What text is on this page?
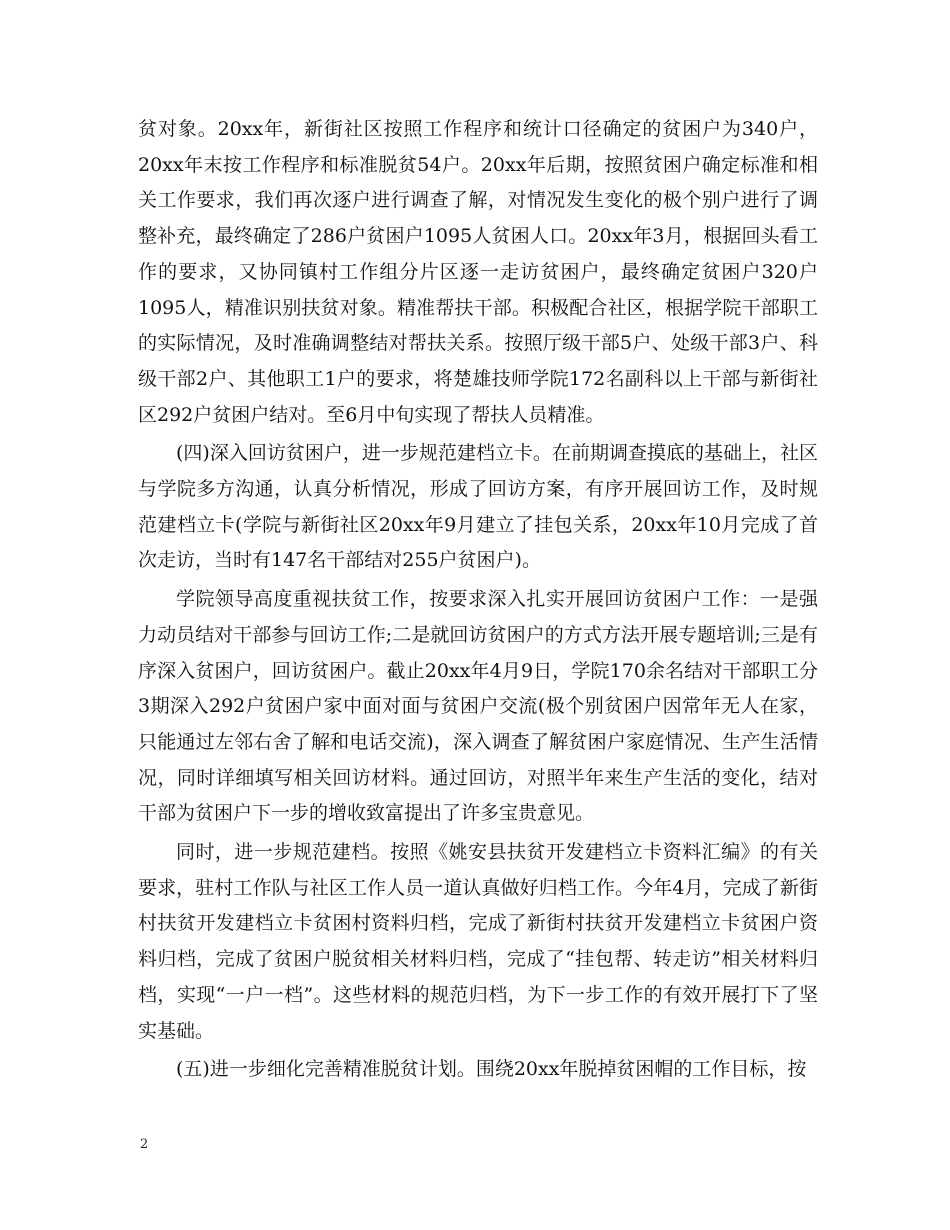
贫对象。20xx年，新街社区按照工作程序和统计口径确定的贫困户为340户，20xx年末按工作程序和标准脱贫54户。20xx年后期，按照贫困户确定标准和相关工作要求，我们再次逐户进行调查了解，对情况发生变化的极个别户进行了调整补充，最终确定了286户贫困户1095人贫困人口。20xx年3月，根据回头看工作的要求，又协同镇村工作组分片区逐一走访贫困户，最终确定贫困户320户1095人，精准识别扶贫对象。精准帮扶干部。积极配合社区，根据学院干部职工的实际情况，及时准确调整结对帮扶关系。按照厅级干部5户、处级干部3户、科级干部2户、其他职工1户的要求，将楚雄技师学院172名副科以上干部与新街社区292户贫困户结对。至6月中旬实现了帮扶人员精准。

(四)深入回访贫困户，进一步规范建档立卡。在前期调查摸底的基础上，社区与学院多方沟通，认真分析情况，形成了回访方案，有序开展回访工作，及时规范建档立卡(学院与新街社区20xx年9月建立了挂包关系，20xx年10月完成了首次走访，当时有147名干部结对255户贫困户)。

学院领导高度重视扶贫工作，按要求深入扎实开展回访贫困户工作：一是强力动员结对干部参与回访工作;二是就回访贫困户的方式方法开展专题培训;三是有序深入贫困户，回访贫困户。截止20xx年4月9日，学院170余名结对干部职工分3期深入292户贫困户家中面对面与贫困户交流(极个别贫困户因常年无人在家，只能通过左邻右舍了解和电话交流)，深入调查了解贫困户家庭情况、生产生活情况，同时详细填写相关回访材料。通过回访，对照半年来生产生活的变化，结对干部为贫困户下一步的增收致富提出了许多宝贵意见。

同时，进一步规范建档。按照《姚安县扶贫开发建档立卡资料汇编》的有关要求，驻村工作队与社区工作人员一道认真做好归档工作。今年4月，完成了新街村扶贫开发建档立卡贫困村资料归档，完成了新街村扶贫开发建档立卡贫困户资料归档，完成了贫困户脱贫相关材料归档，完成了“挂包帮、转走访”相关材料归档，实现“一户一档”。这些材料的规范归档，为下一步工作的有效开展打下了坚实基础。

(五)进一步细化完善精准脱贫计划。围绕20xx年脱掉贫困帽的工作目标，按

2
